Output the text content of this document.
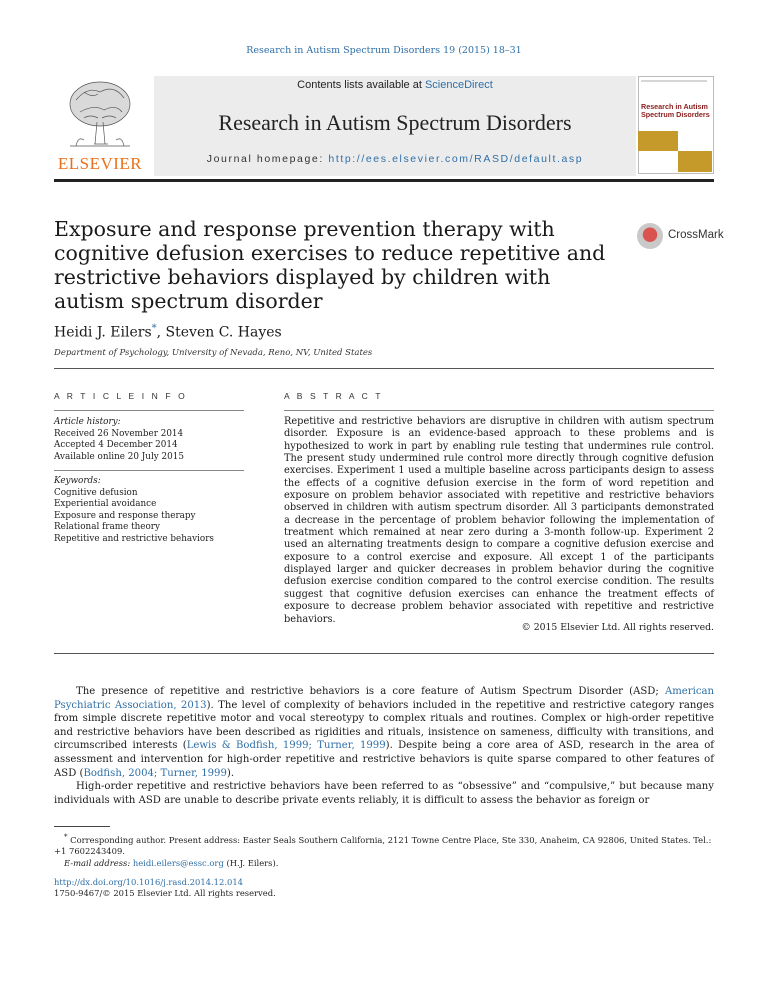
Research in Autism Spectrum Disorders 19 (2015) 18–31
ELSEVIER
Contents lists available at ScienceDirect
Research in Autism Spectrum Disorders
Journal homepage: http://ees.elsevier.com/RASD/default.asp
Research in Autism Spectrum Disorders
Exposure and response prevention therapy with cognitive defusion exercises to reduce repetitive and restrictive behaviors displayed by children with autism spectrum disorder
CrossMark
Heidi J. Eilers*, Steven C. Hayes
Department of Psychology, University of Nevada, Reno, NV, United States
A R T I C L E I N F O	A B S T R A C T
Article history:
Received 26 November 2014
Accepted 4 December 2014
Available online 20 July 2015
Keywords:
Cognitive defusion
Experiential avoidance
Exposure and response therapy
Relational frame theory
Repetitive and restrictive behaviors
Repetitive and restrictive behaviors are disruptive in children with autism spectrum disorder. Exposure is an evidence-based approach to these problems and is hypothesized to work in part by enabling rule testing that undermines rule control. The present study undermined rule control more directly through cognitive defusion exercises. Experiment 1 used a multiple baseline across participants design to assess the effects of a cognitive defusion exercise in the form of word repetition and exposure on problem behavior associated with repetitive and restrictive behaviors observed in children with autism spectrum disorder. All 3 participants demonstrated a decrease in the percentage of problem behavior following the implementation of treatment which remained at near zero during a 3-month follow-up. Experiment 2 used an alternating treatments design to compare a cognitive defusion exercise and exposure to a control exercise and exposure. All except 1 of the participants displayed larger and quicker decreases in problem behavior during the cognitive defusion exercise condition compared to the control exercise condition. The results suggest that cognitive defusion exercises can enhance the treatment effects of exposure to decrease problem behavior associated with repetitive and restrictive behaviors.
© 2015 Elsevier Ltd. All rights reserved.

The presence of repetitive and restrictive behaviors is a core feature of Autism Spectrum Disorder (ASD; American Psychiatric Association, 2013). The level of complexity of behaviors included in the repetitive and restrictive category ranges from simple discrete repetitive motor and vocal stereotypy to complex rituals and routines. Complex or high-order repetitive and restrictive behaviors have been described as rigidities and rituals, insistence on sameness, difficulty with transitions, and circumscribed interests (Lewis & Bodfish, 1999; Turner, 1999). Despite being a core area of ASD, research in the area of assessment and intervention for high-order repetitive and restrictive behaviors is quite sparse compared to other features of ASD (Bodfish, 2004; Turner, 1999).

High-order repetitive and restrictive behaviors have been referred to as “obsessive” and “compulsive,” but because many individuals with ASD are unable to describe private events reliably, it is difficult to assess the behavior as foreign or

* Corresponding author. Present address: Easter Seals Southern California, 2121 Towne Centre Place, Ste 330, Anaheim, CA 92806, United States. Tel.: +1 7602243409.

E-mail address: heidi.eilers@essc.org (H.J. Eilers).

http://dx.doi.org/10.1016/j.rasd.2014.12.014
1750-9467/© 2015 Elsevier Ltd. All rights reserved.
